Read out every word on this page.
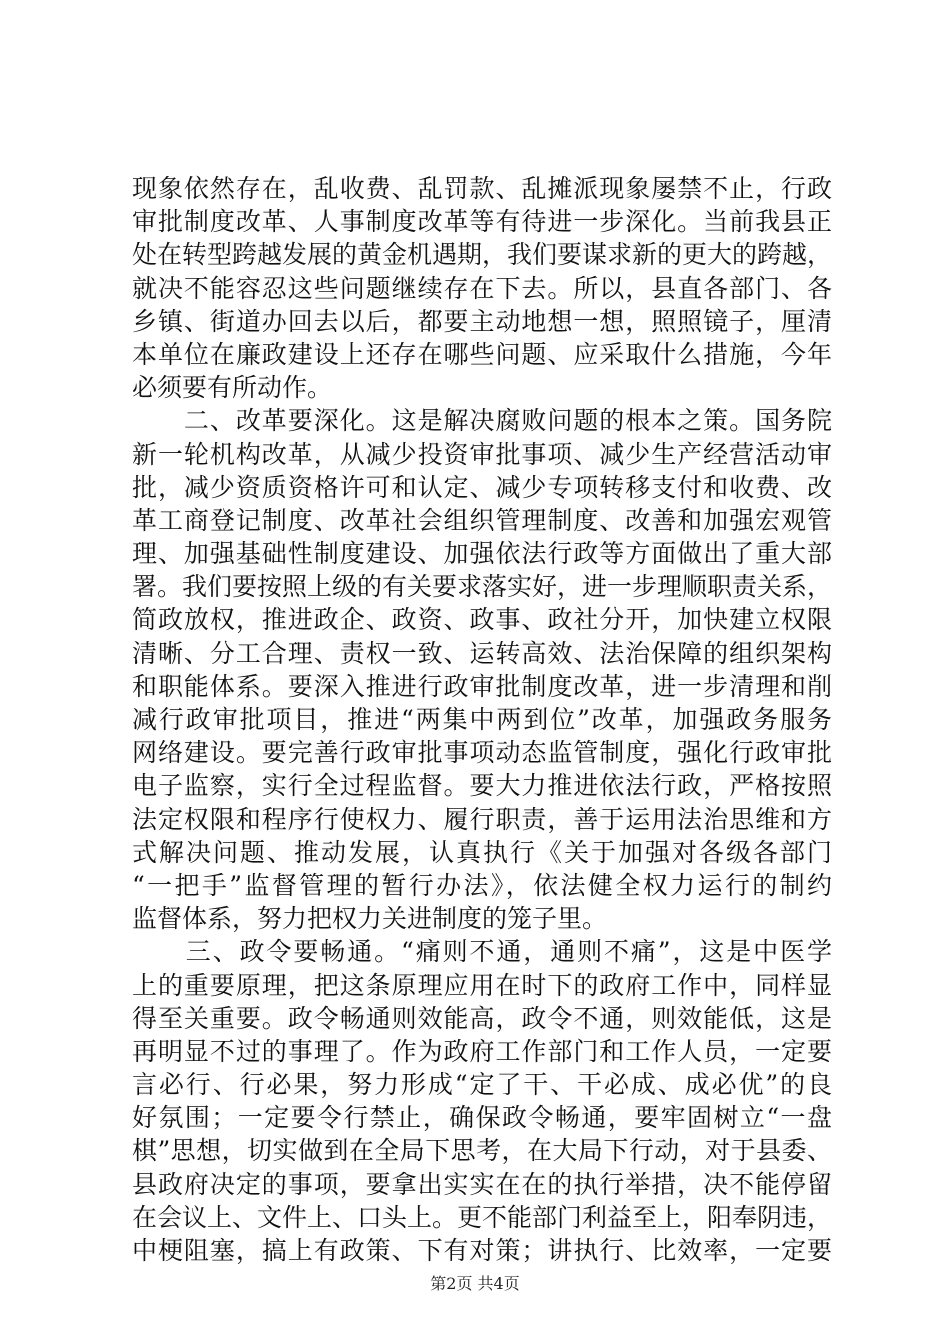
现象依然存在，乱收费、乱罚款、乱摊派现象屡禁不止，行政
审批制度改革、人事制度改革等有待进一步深化。当前我县正
处在转型跨越发展的黄金机遇期，我们要谋求新的更大的跨越，
就决不能容忍这些问题继续存在下去。所以，县直各部门、各
乡镇、街道办回去以后，都要主动地想一想，照照镜子，厘清
本单位在廉政建设上还存在哪些问题、应采取什么措施，今年
必须要有所动作。
　　二、改革要深化。这是解决腐败问题的根本之策。国务院
新一轮机构改革，从减少投资审批事项、减少生产经营活动审
批，减少资质资格许可和认定、减少专项转移支付和收费、改
革工商登记制度、改革社会组织管理制度、改善和加强宏观管
理、加强基础性制度建设、加强依法行政等方面做出了重大部
署。我们要按照上级的有关要求落实好，进一步理顺职责关系，
简政放权，推进政企、政资、政事、政社分开，加快建立权限
清晰、分工合理、责权一致、运转高效、法治保障的组织架构
和职能体系。要深入推进行政审批制度改革，进一步清理和削
减行政审批项目，推进“两集中两到位”改革，加强政务服务
网络建设。要完善行政审批事项动态监管制度，强化行政审批
电子监察，实行全过程监督。要大力推进依法行政，严格按照
法定权限和程序行使权力、履行职责，善于运用法治思维和方
式解决问题、推动发展，认真执行《关于加强对各级各部门
“一把手”监督管理的暂行办法》，依法健全权力运行的制约
监督体系，努力把权力关进制度的笼子里。
　　三、政令要畅通。“痛则不通，通则不痛”，这是中医学
上的重要原理，把这条原理应用在时下的政府工作中，同样显
得至关重要。政令畅通则效能高，政令不通，则效能低，这是
再明显不过的事理了。作为政府工作部门和工作人员，一定要
言必行、行必果，努力形成“定了干、干必成、成必优”的良
好氛围；一定要令行禁止，确保政令畅通，要牢固树立“一盘
棋”思想，切实做到在全局下思考，在大局下行动，对于县委、
县政府决定的事项，要拿出实实在在的执行举措，决不能停留
在会议上、文件上、口头上。更不能部门利益至上，阳奉阴违，
中梗阻塞，搞上有政策、下有对策；讲执行、比效率，一定要
第2页 共4页
